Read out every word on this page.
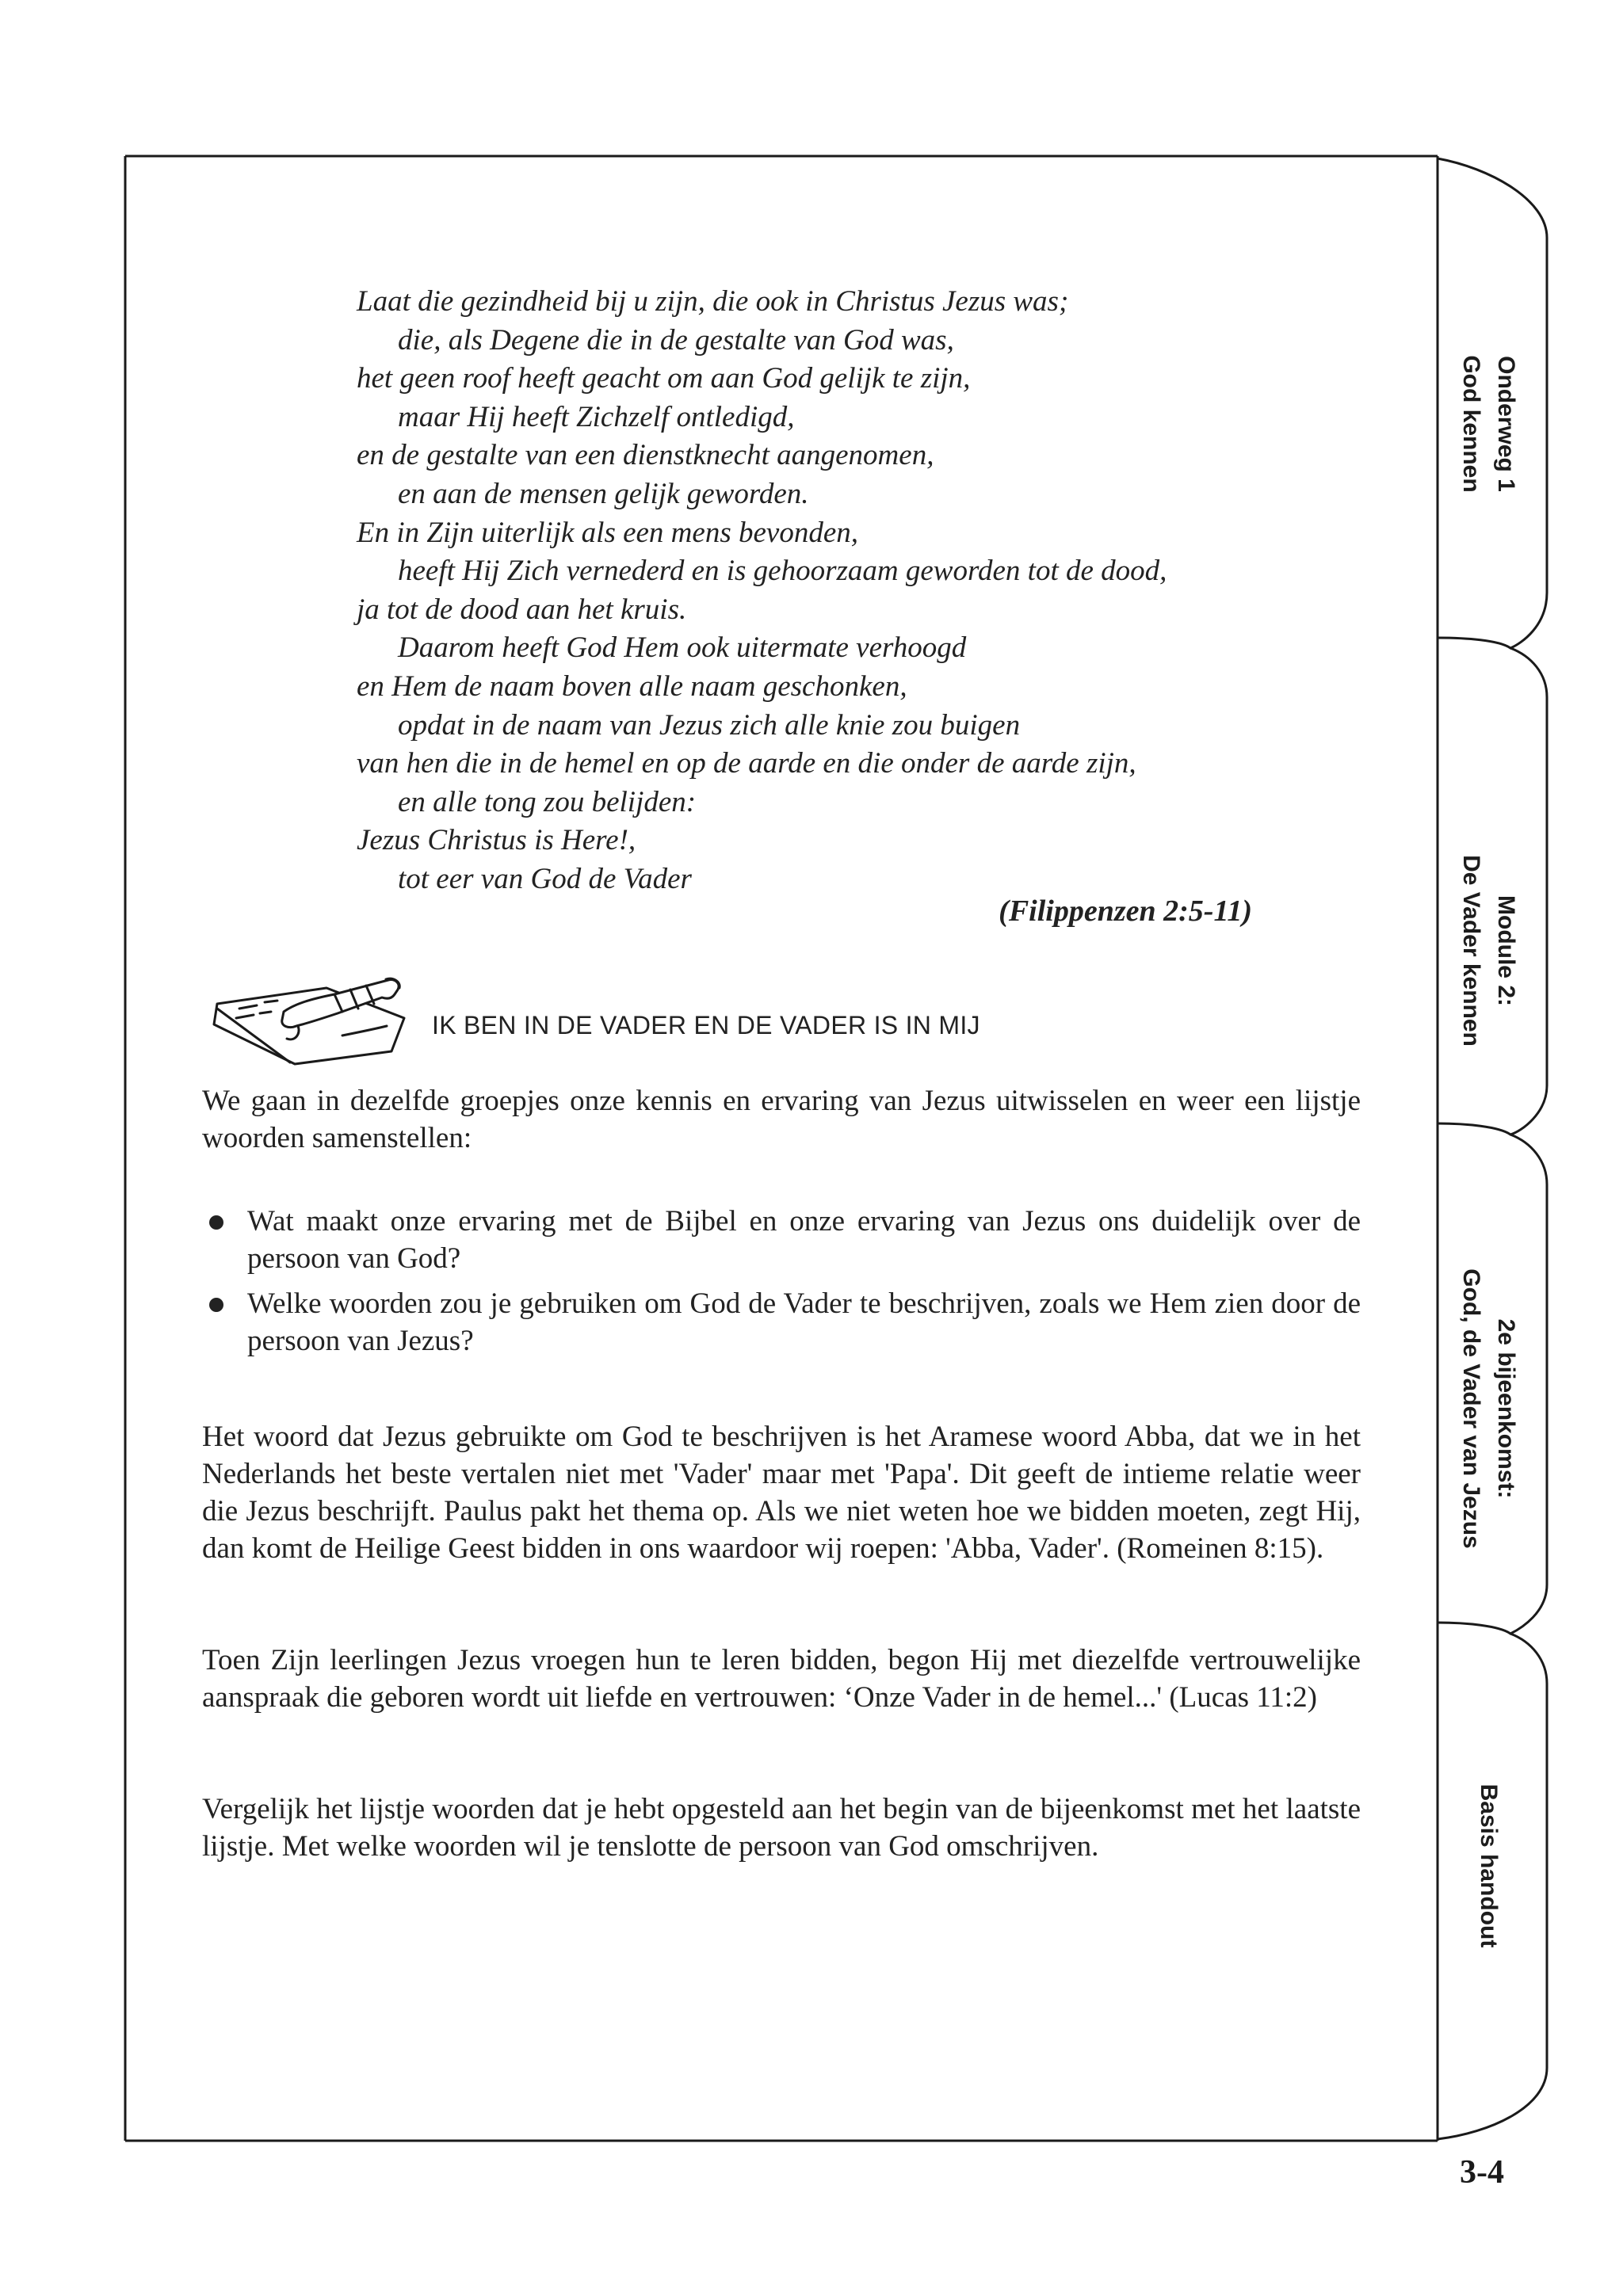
Laat die gezindheid bij u zijn, die ook in Christus Jezus was;
die, als Degene die in de gestalte van God was,
het geen roof heeft geacht om aan God gelijk te zijn,
maar Hij heeft Zichzelf ontledigd,
en de gestalte van een dienstknecht aangenomen,
en aan de mensen gelijk geworden.
En in Zijn uiterlijk als een mens bevonden,
heeft Hij Zich vernederd en is gehoorzaam geworden tot de dood,
ja tot de dood aan het kruis.
Daarom heeft God Hem ook uitermate verhoogd
en Hem de naam boven alle naam geschonken,
opdat in de naam van Jezus zich alle knie zou buigen
van hen die in de hemel en op de aarde en die onder de aarde zijn,
en alle tong zou belijden:
Jezus Christus is Here!,
tot eer van God de Vader
(Filippenzen 2:5-11)
IK BEN IN DE VADER EN DE VADER IS IN MIJ

We gaan in dezelfde groepjes onze kennis en ervaring van Jezus uitwisselen en weer een lijstje woorden samenstellen:

Wat maakt onze ervaring met de Bijbel en onze ervaring van Jezus ons duidelijk over de persoon van God?
Welke woorden zou je gebruiken om God de Vader te beschrijven, zoals we Hem zien door de persoon van Jezus?

Het woord dat Jezus gebruikte om God te beschrijven is het Aramese woord Abba, dat we in het Nederlands het beste vertalen niet met 'Vader' maar met 'Papa'. Dit geeft de intieme relatie weer die Jezus beschrijft. Paulus pakt het thema op. Als we niet weten hoe we bidden moeten, zegt Hij, dan komt de Heilige Geest bidden in ons waardoor wij roepen: 'Abba, Vader'. (Romeinen 8:15).

Toen Zijn leerlingen Jezus vroegen hun te leren bidden, begon Hij met diezelfde vertrouwelijke aanspraak die geboren wordt uit liefde en vertrouwen: ‘Onze Vader in de hemel...' (Lucas 11:2)

Vergelijk het lijstje woorden dat je hebt opgesteld aan het begin van de bijeenkomst met het laatste lijstje. Met welke woorden wil je tenslotte de persoon van God omschrijven.

Onderweg 1
God kennen
Module 2:
De Vader kennen
2e bijeenkomst:
God, de Vader van Jezus
Basis handout
3-4
